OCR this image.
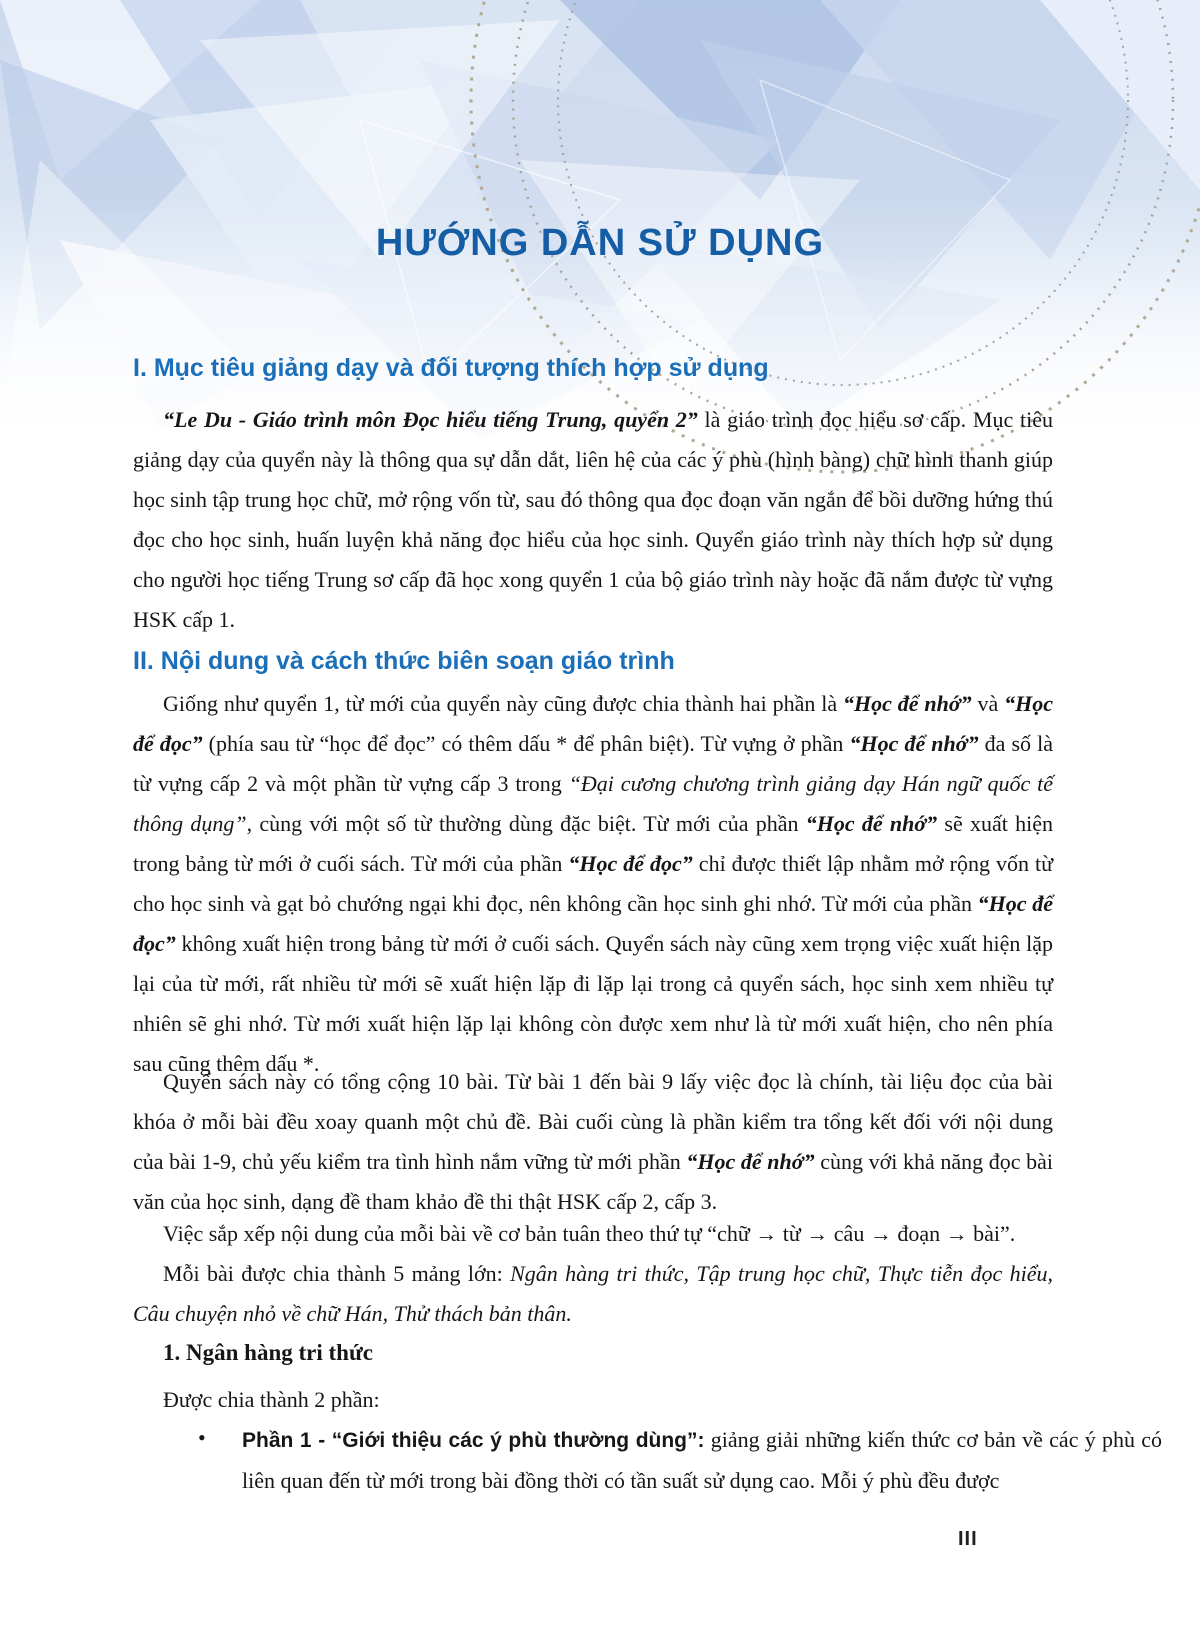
HƯỚNG DẪN SỬ DỤNG
I. Mục tiêu giảng dạy và đối tượng thích hợp sử dụng
“Le Du - Giáo trình môn Đọc hiểu tiếng Trung, quyển 2” là giáo trình đọc hiểu sơ cấp. Mục tiêu giảng dạy của quyển này là thông qua sự dẫn dắt, liên hệ của các ý phù (hình bàng) chữ hình thanh giúp học sinh tập trung học chữ, mở rộng vốn từ, sau đó thông qua đọc đoạn văn ngắn để bồi dưỡng hứng thú đọc cho học sinh, huấn luyện khả năng đọc hiểu của học sinh. Quyển giáo trình này thích hợp sử dụng cho người học tiếng Trung sơ cấp đã học xong quyển 1 của bộ giáo trình này hoặc đã nắm được từ vựng HSK cấp 1.
II. Nội dung và cách thức biên soạn giáo trình
Giống như quyển 1, từ mới của quyển này cũng được chia thành hai phần là “Học để nhớ” và “Học để đọc” (phía sau từ “học để đọc” có thêm dấu * để phân biệt). Từ vựng ở phần “Học để nhớ” đa số là từ vựng cấp 2 và một phần từ vựng cấp 3 trong “Đại cương chương trình giảng dạy Hán ngữ quốc tế thông dụng”, cùng với một số từ thường dùng đặc biệt. Từ mới của phần “Học để nhớ” sẽ xuất hiện trong bảng từ mới ở cuối sách. Từ mới của phần “Học để đọc” chỉ được thiết lập nhằm mở rộng vốn từ cho học sinh và gạt bỏ chướng ngại khi đọc, nên không cần học sinh ghi nhớ. Từ mới của phần “Học để đọc” không xuất hiện trong bảng từ mới ở cuối sách. Quyển sách này cũng xem trọng việc xuất hiện lặp lại của từ mới, rất nhiều từ mới sẽ xuất hiện lặp đi lặp lại trong cả quyển sách, học sinh xem nhiều tự nhiên sẽ ghi nhớ. Từ mới xuất hiện lặp lại không còn được xem như là từ mới xuất hiện, cho nên phía sau cũng thêm dấu *.
Quyển sách này có tổng cộng 10 bài. Từ bài 1 đến bài 9 lấy việc đọc là chính, tài liệu đọc của bài khóa ở mỗi bài đều xoay quanh một chủ đề. Bài cuối cùng là phần kiểm tra tổng kết đối với nội dung của bài 1-9, chủ yếu kiểm tra tình hình nắm vững từ mới phần “Học để nhớ” cùng với khả năng đọc bài văn của học sinh, dạng đề tham khảo đề thi thật HSK cấp 2, cấp 3.
Việc sắp xếp nội dung của mỗi bài về cơ bản tuân theo thứ tự “chữ → từ → câu → đoạn → bài”.
Mỗi bài được chia thành 5 mảng lớn: Ngân hàng tri thức, Tập trung học chữ, Thực tiễn đọc hiểu, Câu chuyện nhỏ về chữ Hán, Thử thách bản thân.
1. Ngân hàng tri thức
Được chia thành 2 phần:
• Phần 1 - “Giới thiệu các ý phù thường dùng”: giảng giải những kiến thức cơ bản về các ý phù có liên quan đến từ mới trong bài đồng thời có tần suất sử dụng cao. Mỗi ý phù đều được
III
